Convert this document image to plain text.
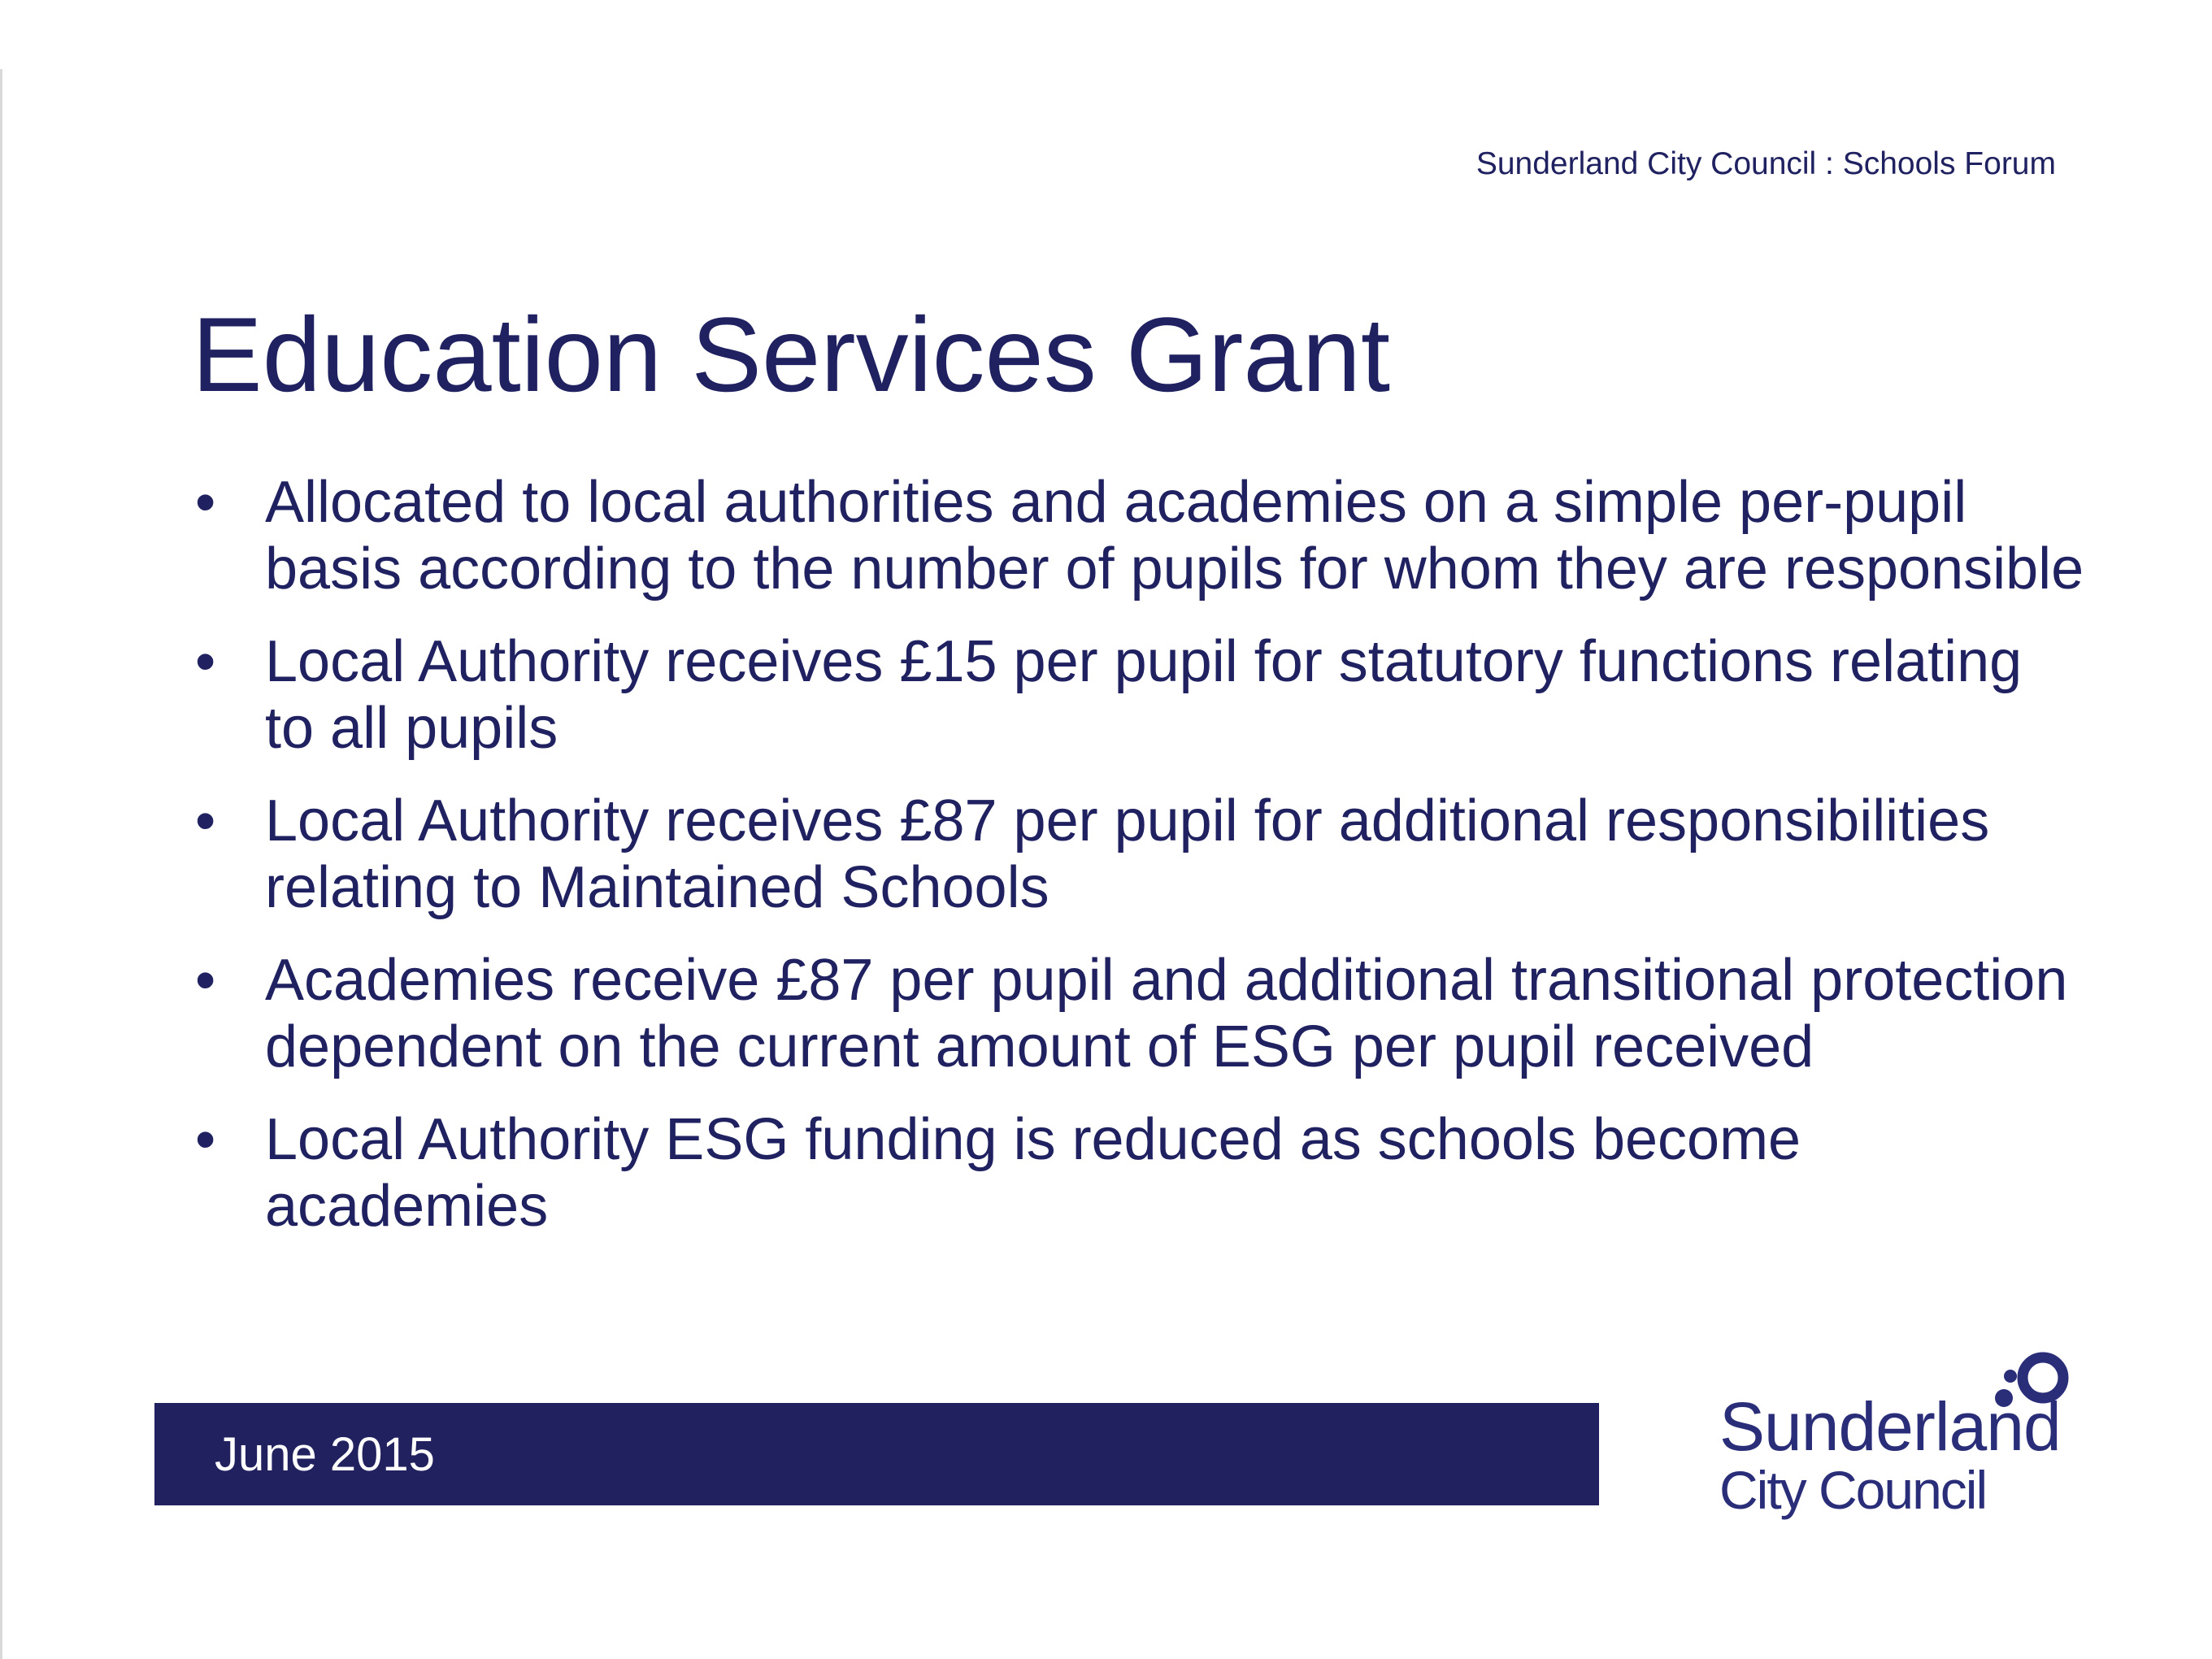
Sunderland City Council : Schools Forum
Education Services Grant
• Allocated to local authorities and academies on a simple per-pupil basis according to the number of pupils for whom they are responsible
• Local Authority receives £15 per pupil for statutory functions relating to all pupils
• Local Authority receives £87 per pupil for additional responsibilities relating to Maintained Schools
• Academies receive £87 per pupil and additional transitional protection dependent on the current amount of ESG per pupil received
• Local Authority ESG funding is reduced as schools become academies
June 2015	Sunderland
City Council
